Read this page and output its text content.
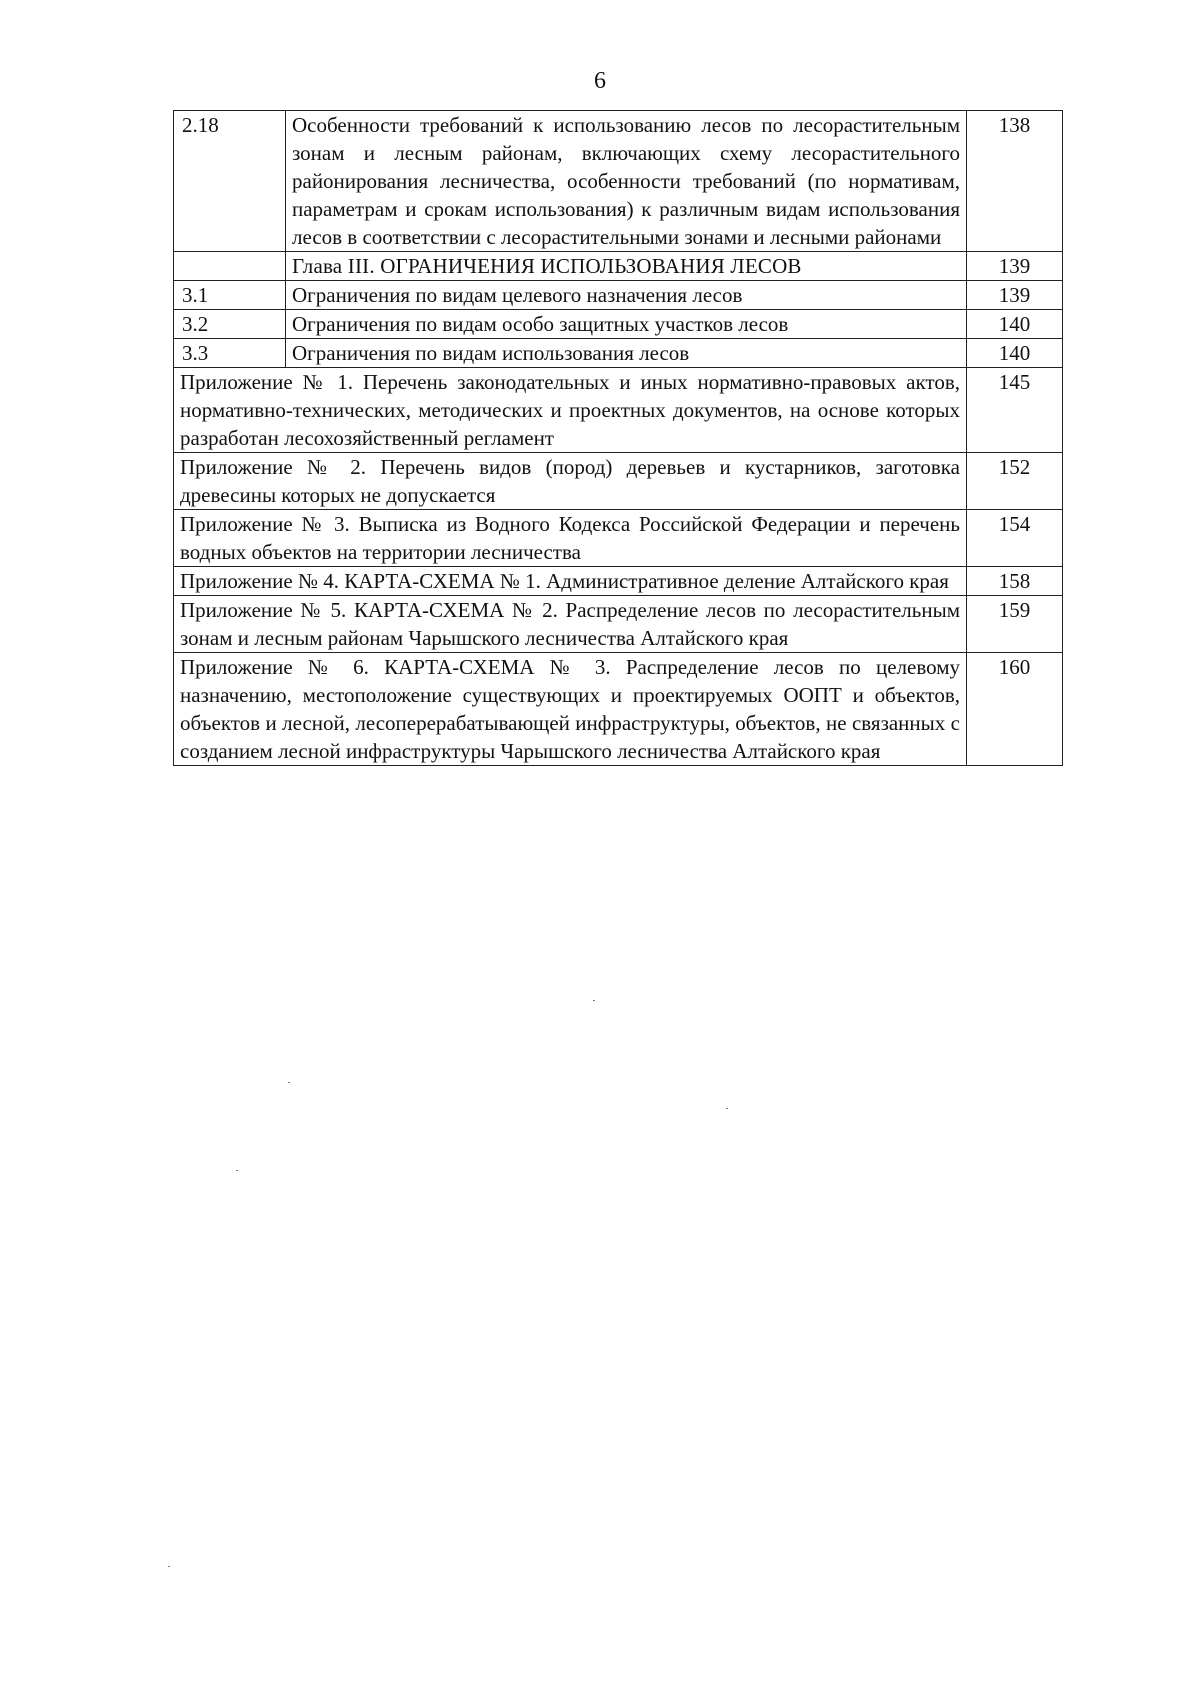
6
2.18	Особенности требований к использованию лесов по лесорастительным зонам и лесным районам, включающих схему лесорастительного районирования лесничества, особенности требований (по нормативам, параметрам и срокам использования) к различным видам использования лесов в соответствии с лесорастительными зонами и лесными районами	138
	Глава III. ОГРАНИЧЕНИЯ ИСПОЛЬЗОВАНИЯ ЛЕСОВ	139
3.1	Ограничения по видам целевого назначения лесов	139
3.2	Ограничения по видам особо защитных участков лесов	140
3.3	Ограничения по видам использования лесов	140
Приложение № 1. Перечень законодательных и иных нормативно-правовых актов, нормативно-технических, методических и проектных документов, на основе которых разработан лесохозяйственный регламент		145
Приложение № 2. Перечень видов (пород) деревьев и кустарников, заготовка древесины которых не допускается		152
Приложение № 3. Выписка из Водного Кодекса Российской Федерации и перечень водных объектов на территории лесничества		154
Приложение № 4. КАРТА-СХЕМА № 1. Административное деление Алтайского края		158
Приложение № 5. КАРТА-СХЕМА № 2. Распределение лесов по лесорастительным зонам и лесным районам Чарышского лесничества Алтайского края		159
Приложение № 6. КАРТА-СХЕМА № 3. Распределение лесов по целевому назначению, местоположение существующих и проектируемых ООПТ и объектов, объектов и лесной, лесоперерабатывающей инфраструктуры, объектов, не связанных с созданием лесной инфраструктуры Чарышского лесничества Алтайского края		160
